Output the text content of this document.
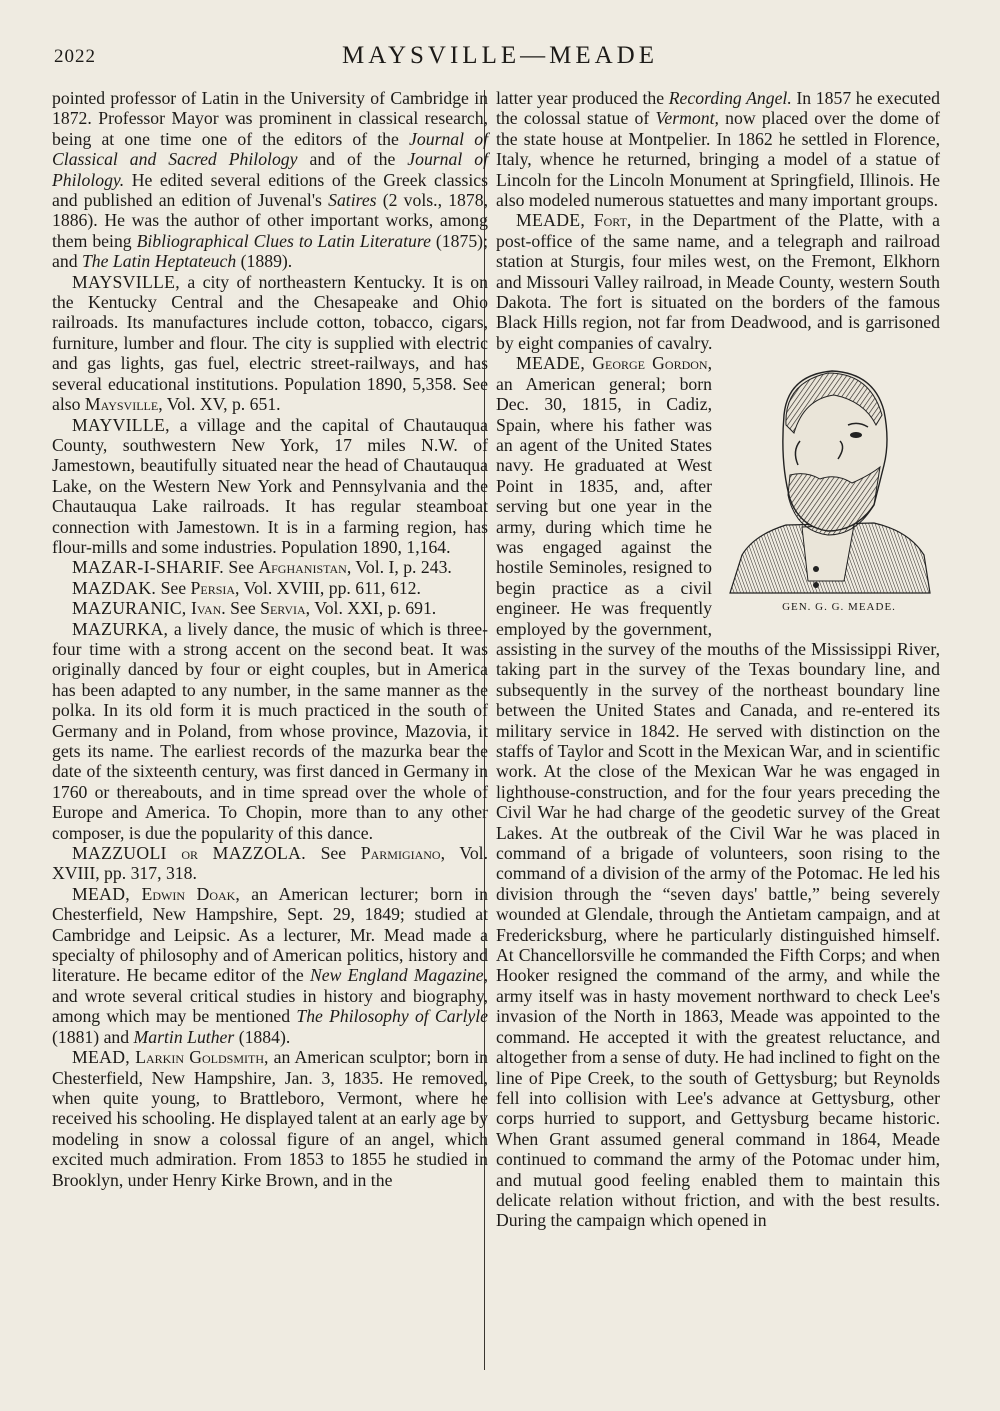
2022	MAYSVILLE—MEADE

pointed professor of Latin in the University of Cambridge in 1872. Professor Mayor was prominent in classical research, being at one time one of the editors of the Journal of Classical and Sacred Philology and of the Journal of Philology. He edited several editions of the Greek classics and published an edition of Juvenal's Satires (2 vols., 1878, 1886). He was the author of other important works, among them being Bibliographical Clues to Latin Literature (1875); and The Latin Heptateuch (1889).

MAYSVILLE, a city of northeastern Kentucky. It is on the Kentucky Central and the Chesapeake and Ohio railroads. Its manufactures include cotton, tobacco, cigars, furniture, lumber and flour. The city is supplied with electric and gas lights, gas fuel, electric street-railways, and has several educational institutions. Population 1890, 5,358. See also Maysville, Vol. XV, p. 651.

MAYVILLE, a village and the capital of Chautauqua County, southwestern New York, 17 miles N.W. of Jamestown, beautifully situated near the head of Chautauqua Lake, on the Western New York and Pennsylvania and the Chautauqua Lake railroads. It has regular steamboat connection with Jamestown. It is in a farming region, has flour-mills and some industries. Population 1890, 1,164.

MAZAR-I-SHARIF. See Afghanistan, Vol. I, p. 243.

MAZDAK. See Persia, Vol. XVIII, pp. 611, 612.

MAZURANIC, Ivan. See Servia, Vol. XXI, p. 691.

MAZURKA, a lively dance, the music of which is three-four time with a strong accent on the second beat. It was originally danced by four or eight couples, but in America has been adapted to any number, in the same manner as the polka. In its old form it is much practiced in the south of Germany and in Poland, from whose province, Mazovia, it gets its name. The earliest records of the mazurka bear the date of the sixteenth century, was first danced in Germany in 1760 or thereabouts, and in time spread over the whole of Europe and America. To Chopin, more than to any other composer, is due the popularity of this dance.

MAZZUOLI or MAZZOLA. See Parmigiano, Vol. XVIII, pp. 317, 318.

MEAD, Edwin Doak, an American lecturer; born in Chesterfield, New Hampshire, Sept. 29, 1849; studied at Cambridge and Leipsic. As a lecturer, Mr. Mead made a specialty of philosophy and of American politics, history and literature. He became editor of the New England Magazine, and wrote several critical studies in history and biography, among which may be mentioned The Philosophy of Carlyle (1881) and Martin Luther (1884).

MEAD, Larkin Goldsmith, an American sculptor; born in Chesterfield, New Hampshire, Jan. 3, 1835. He removed, when quite young, to Brattleboro, Vermont, where he received his schooling. He displayed talent at an early age by modeling in snow a colossal figure of an angel, which excited much admiration. From 1853 to 1855 he studied in Brooklyn, under Henry Kirke Brown, and in the

latter year produced the Recording Angel. In 1857 he executed the colossal statue of Vermont, now placed over the dome of the state house at Montpelier. In 1862 he settled in Florence, Italy, whence he returned, bringing a model of a statue of Lincoln for the Lincoln Monument at Springfield, Illinois. He also modeled numerous statuettes and many important groups.

MEADE, Fort, in the Department of the Platte, with a post-office of the same name, and a telegraph and railroad station at Sturgis, four miles west, on the Fremont, Elkhorn and Missouri Valley railroad, in Meade County, western South Dakota. The fort is situated on the borders of the famous Black Hills region, not far from Deadwood, and is garrisoned by eight companies of cavalry.

MEADE, George Gordon,
GEN. G. G. MEADE.
an American general; born Dec. 30, 1815, in Cadiz, Spain, where his father was an agent of the United States navy. He graduated at West Point in 1835, and, after serving but one year in the army, during which time he was engaged against the hostile Seminoles, resigned to begin practice as a civil engineer. He was frequently employed by the government, assisting in the survey of the mouths of the Mississippi River, taking part in the survey of the Texas boundary line, and subsequently in the survey of the northeast boundary line between the United States and Canada, and re-entered its military service in 1842. He served with distinction on the staffs of Taylor and Scott in the Mexican War, and in scientific work. At the close of the Mexican War he was engaged in lighthouse-construction, and for the four years preceding the Civil War he had charge of the geodetic survey of the Great Lakes. At the outbreak of the Civil War he was placed in command of a brigade of volunteers, soon rising to the command of a division of the army of the Potomac. He led his division through the “seven days' battle,” being severely wounded at Glendale, through the Antietam campaign, and at Fredericksburg, where he particularly distinguished himself. At Chancellorsville he commanded the Fifth Corps; and when Hooker resigned the command of the army, and while the army itself was in hasty movement northward to check Lee's invasion of the North in 1863, Meade was appointed to the command. He accepted it with the greatest reluctance, and altogether from a sense of duty. He had inclined to fight on the line of Pipe Creek, to the south of Gettysburg; but Reynolds fell into collision with Lee's advance at Gettysburg, other corps hurried to support, and Gettysburg became historic. When Grant assumed general command in 1864, Meade continued to command the army of the Potomac under him, and mutual good feeling enabled them to maintain this delicate relation without friction, and with the best results. During the campaign which opened in
